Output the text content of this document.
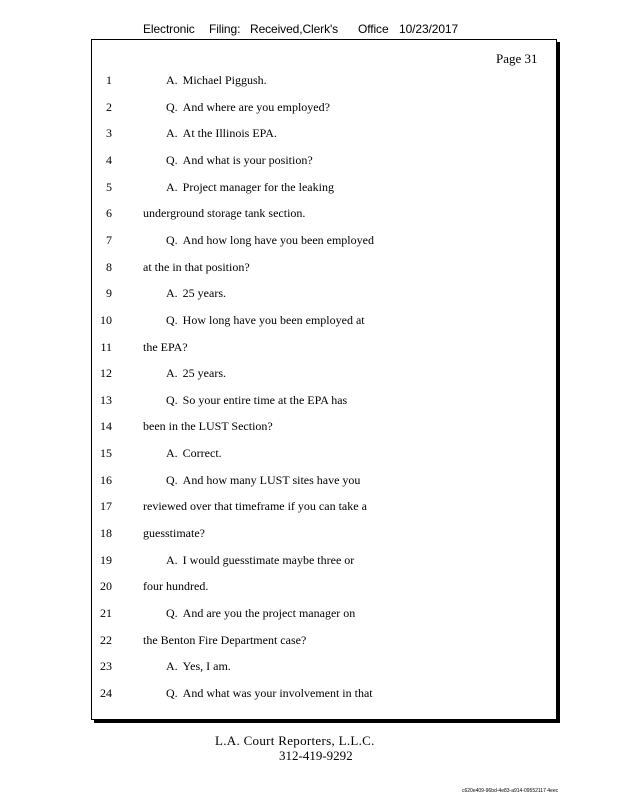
Electronic Filing: Received,Clerk's Office 10/23/2017
Page 31
1	A. Michael Piggush.
2	Q. And where are you employed?
3	A. At the Illinois EPA.
4	Q. And what is your position?
5	A. Project manager for the leaking
6	underground storage tank section.
7	Q. And how long have you been employed
8	at the in that position?
9	A. 25 years.
10	Q. How long have you been employed at
11	the EPA?
12	A. 25 years.
13	Q. So your entire time at the EPA has
14	been in the LUST Section?
15	A. Correct.
16	Q. And how many LUST sites have you
17	reviewed over that timeframe if you can take a
18	guesstimate?
19	A. I would guesstimate maybe three or
20	four hundred.
21	Q. And are you the project manager on
22	the Benton Fire Department case?
23	A. Yes, I am.
24	Q. And what was your involvement in that
L.A. Court Reporters, L.L.C.
312-419-9292
c620e409-96bd-4e83-a914-09552117 4eec
